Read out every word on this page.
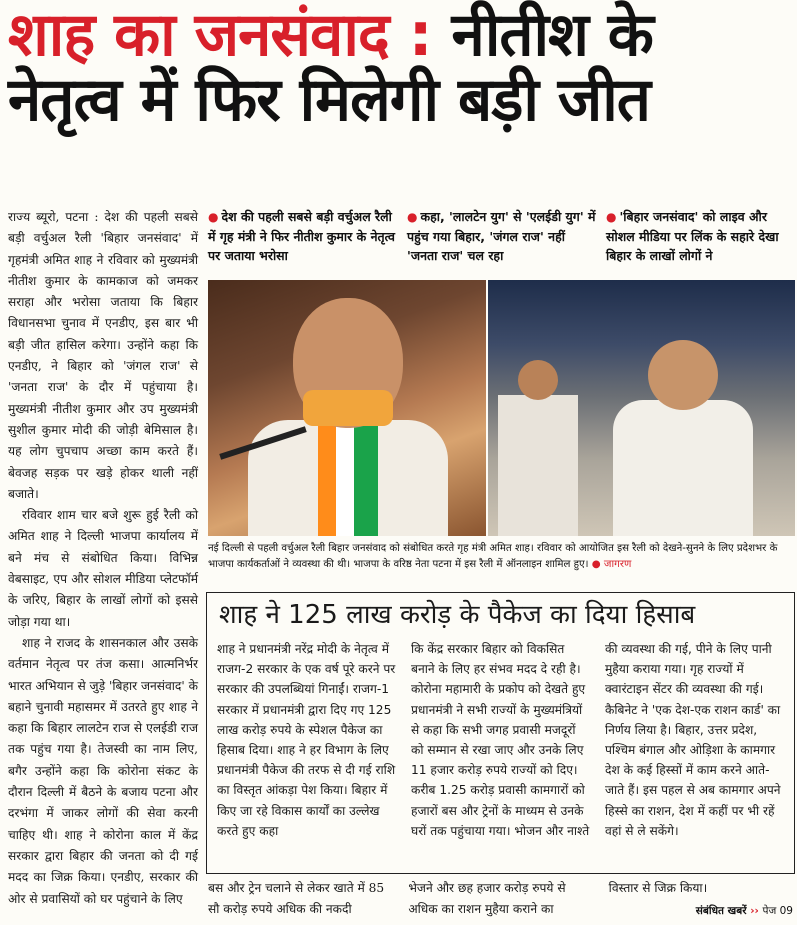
शाह का जनसंवाद : नीतीश के
नेतृत्व में फिर मिलेगी बड़ी जीत

राज्य ब्यूरो, पटना : देश की पहली सबसे बड़ी वर्चुअल रैली 'बिहार जनसंवाद' में गृहमंत्री अमित शाह ने रविवार को मुख्यमंत्री नीतीश कुमार के कामकाज को जमकर सराहा और भरोसा जताया कि बिहार विधानसभा चुनाव में एनडीए, इस बार भी बड़ी जीत हासिल करेगा। उन्होंने कहा कि एनडीए, ने बिहार को 'जंगल राज' से 'जनता राज' के दौर में पहुंचाया है। मुख्यमंत्री नीतीश कुमार और उप मुख्यमंत्री सुशील कुमार मोदी की जोड़ी बेमिसाल है। यह लोग चुपचाप अच्छा काम करते हैं। बेवजह सड़क पर खड़े होकर थाली नहीं बजाते।

रविवार शाम चार बजे शुरू हुई रैली को अमित शाह ने दिल्ली भाजपा कार्यालय में बने मंच से संबोधित किया। विभिन्न वेबसाइट, एप और सोशल मीडिया प्लेटफॉर्म के जरिए, बिहार के लाखों लोगों को इससे जोड़ा गया था।

शाह ने राजद के शासनकाल और उसके वर्तमान नेतृत्व पर तंज कसा। आत्मनिर्भर भारत अभियान से जुड़े 'बिहार जनसंवाद' के बहाने चुनावी महासमर में उतरते हुए शाह ने कहा कि बिहार लालटेन राज से एलईडी राज तक पहुंच गया है। तेजस्वी का नाम लिए, बगैर उन्होंने कहा कि कोरोना संकट के दौरान दिल्ली में बैठने के बजाय पटना और दरभंगा में जाकर लोगों की सेवा करनी चाहिए थी। शाह ने कोरोना काल में केंद्र सरकार द्वारा बिहार की जनता को दी गई मदद का जिक्र किया। एनडीए, सरकार की ओर से प्रवासियों को घर पहुंचाने के लिए

● देश की पहली सबसे बड़ी वर्चुअल रैली में गृह मंत्री ने फिर नीतीश कुमार के नेतृत्व पर जताया भरोसा
● कहा, 'लालटेन युग' से 'एलईडी युग' में पहुंच गया बिहार, 'जंगल राज' नहीं 'जनता राज' चल रहा
● 'बिहार जनसंवाद' को लाइव और सोशल मीडिया पर लिंक के सहारे देखा बिहार के लाखों लोगों ने
नई दिल्ली से पहली वर्चुअल रैली बिहार जनसंवाद को संबोधित करते गृह मंत्री अमित शाह। रविवार को आयोजित इस रैली को देखने-सुनने के लिए प्रदेशभर के भाजपा कार्यकर्ताओं ने व्यवस्था की थी। भाजपा के वरिष्ठ नेता पटना में इस रैली में ऑनलाइन शामिल हुए। ● जागरण
शाह ने 125 लाख करोड़ के पैकेज का दिया हिसाब
शाह ने प्रधानमंत्री नरेंद्र मोदी के नेतृत्व में राजग-2 सरकार के एक वर्ष पूरे करने पर सरकार की उपलब्धियां गिनाईं। राजग-1 सरकार में प्रधानमंत्री द्वारा दिए गए 125 लाख करोड़ रुपये के स्पेशल पैकेज का हिसाब दिया। शाह ने हर विभाग के लिए प्रधानमंत्री पैकेज की तरफ से दी गई राशि का विस्तृत आंकड़ा पेश किया। बिहार में किए जा रहे विकास कार्यों का उल्लेख करते हुए कहा
कि केंद्र सरकार बिहार को विकसित बनाने के लिए हर संभव मदद दे रही है। कोरोना महामारी के प्रकोप को देखते हुए प्रधानमंत्री ने सभी राज्यों के मुख्यमंत्रियों से कहा कि सभी जगह प्रवासी मजदूरों को सम्मान से रखा जाए और उनके लिए 11 हजार करोड़ रुपये राज्यों को दिए। करीब 1.25 करोड़ प्रवासी कामगारों को हजारों बस और ट्रेनों के माध्यम से उनके घरों तक पहुंचाया गया। भोजन और नाश्ते
की व्यवस्था की गई, पीने के लिए पानी मुहैया कराया गया। गृह राज्यों में क्वारंटाइन सेंटर की व्यवस्था की गई। कैबिनेट ने 'एक देश-एक राशन कार्ड' का निर्णय लिया है। बिहार, उत्तर प्रदेश, पश्चिम बंगाल और ओड़िशा के कामगार देश के कई हिस्सों में काम करने आते-जाते हैं। इस पहल से अब कामगार अपने हिस्से का राशन, देश में कहीं पर भी रहें वहां से ले सकेंगे।
बस और ट्रेन चलाने से लेकर खाते में 85 सौ करोड़ रुपये अधिक की नकदी
भेजने और छह हजार करोड़ रुपये से अधिक का राशन मुहैया कराने का
विस्तार से जिक्र किया।
संबंधित खबरें ›› पेज 09
